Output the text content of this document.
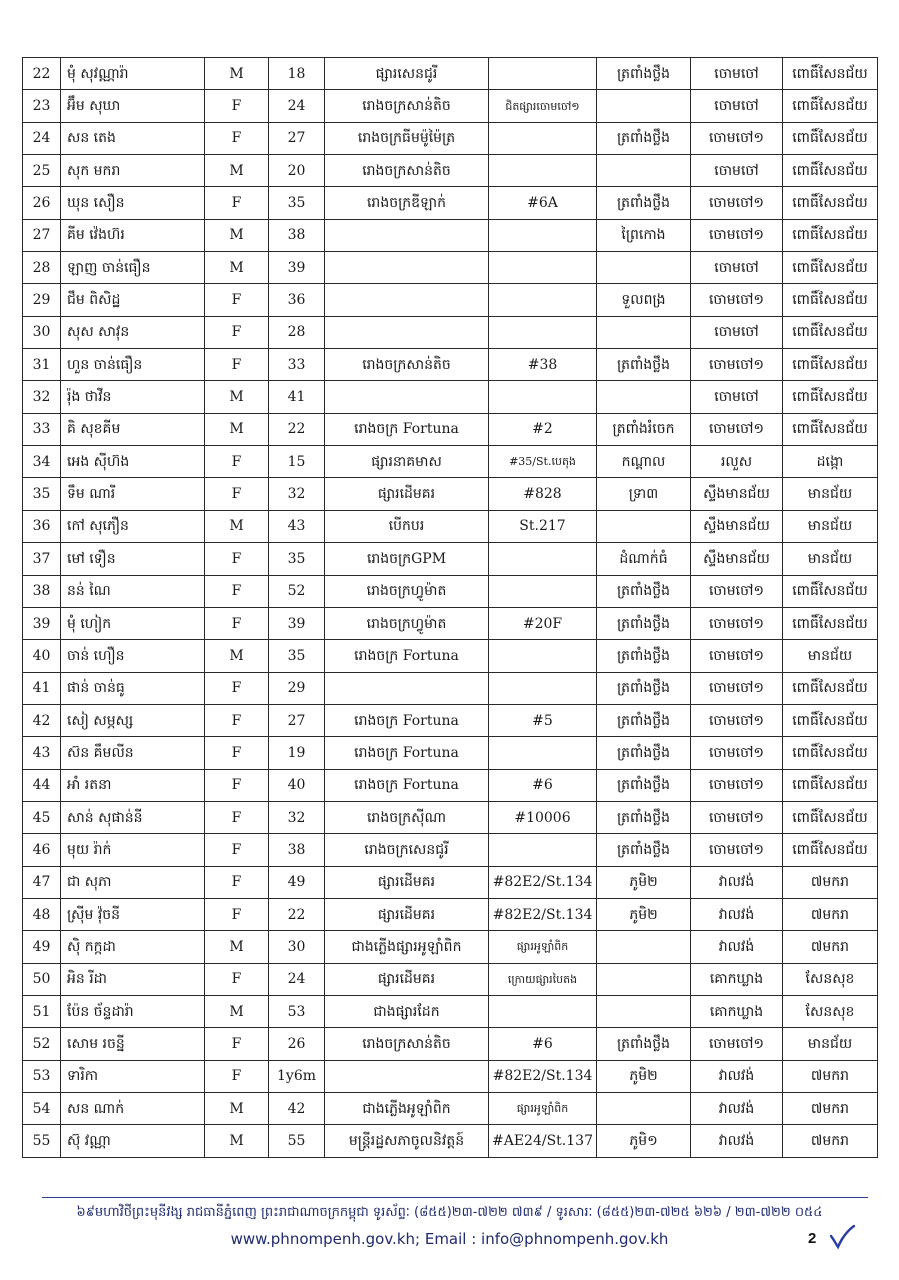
22	មុំ សុវណ្ណារ៉ា	M	18	ផ្សារសេនជូរី		ត្រពាំងថ្លឹង	ចោមចៅ	ពោធិ៍សែនជ័យ
23	អ៊ឹម សុឃា	F	24	រោងចក្រសាន់តិច	ជិតផ្សារចោមចៅ១		ចោមចៅ	ពោធិ៍សែនជ័យ
24	សន តេង	F	27	រោងចក្រធីមម៉ូម៉ៃត្រ		ត្រពាំងថ្លឹង	ចោមចៅ១	ពោធិ៍សែនជ័យ
25	សុក មករា	M	20	រោងចក្រសាន់តិច			ចោមចៅ	ពោធិ៍សែនជ័យ
26	ឃុន សឿន	F	35	រោងចក្រឌីឡាក់	#6A	ត្រពាំងថ្លឹង	ចោមចៅ១	ពោធិ៍សែនជ័យ
27	គីម វ៉េងហ៊រ	M	38			ព្រៃកោង	ចោមចៅ១	ពោធិ៍សែនជ័យ
28	ឡាញ ចាន់ធឿន	M	39				ចោមចៅ	ពោធិ៍សែនជ័យ
29	ជឹម ពិសិដ្ឋ	F	36			ទួលពង្រ	ចោមចៅ១	ពោធិ៍សែនជ័យ
30	សុស សាវុន	F	28				ចោមចៅ	ពោធិ៍សែនជ័យ
31	ហួន ចាន់ធឿន	F	33	រោងចក្រសាន់តិច	#38	ត្រពាំងថ្លឹង	ចោមចៅ១	ពោធិ៍សែនជ័យ
32	រ៉ុង ថាវីន	M	41				ចោមចៅ	ពោធិ៍សែនជ័យ
33	គិ សុខគីម	M	22	រោងចក្រ Fortuna	#2	ត្រពាំងរំចេក	ចោមចៅ១	ពោធិ៍សែនជ័យ
34	អេង ស៊ីហ៊ង	F	15	ផ្សារនាគមាស	#35/St.បេតុង	កណ្ដាល	រលួស	ដង្កោ
35	ទឹម ណារី	F	32	ផ្សារដើមគរ	#828	ទ្រា៣	ស្ទឹងមានជ័យ	មានជ័យ
36	កៅ សុភឿន	M	43	បើកបរ	St.217		ស្ទឹងមានជ័យ	មានជ័យ
37	មៅ ទឿន	F	35	រោងចក្រGPM		ដំណាក់ធំ	ស្ទឹងមានជ័យ	មានជ័យ
38	នន់ ណៃ	F	52	រោងចក្រហ្វូម៉ាត		ត្រពាំងថ្លឹង	ចោមចៅ១	ពោធិ៍សែនជ័យ
39	មុំ ហៀក	F	39	រោងចក្រហ្វូម៉ាត	#20F	ត្រពាំងថ្លឹង	ចោមចៅ១	ពោធិ៍សែនជ័យ
40	ចាន់ ហឿន	M	35	រោងចក្រ Fortuna		ត្រពាំងថ្លឹង	ចោមចៅ១	មានជ័យ
41	ផាន់ ចាន់ធូ	F	29			ត្រពាំងថ្លឹង	ចោមចៅ១	ពោធិ៍សែនជ័យ
42	សៀ សម្ភស្ស	F	27	រោងចក្រ Fortuna	#5	ត្រពាំងថ្លឹង	ចោមចៅ១	ពោធិ៍សែនជ័យ
43	ស៊ន គឹមលីន	F	19	រោងចក្រ Fortuna		ត្រពាំងថ្លឹង	ចោមចៅ១	ពោធិ៍សែនជ័យ
44	អាំ រតនា	F	40	រោងចក្រ Fortuna	#6	ត្រពាំងថ្លឹង	ចោមចៅ១	ពោធិ៍សែនជ័យ
45	សាន់ សុផាន់នី	F	32	រោងចក្រស៊ីណា	#10006	ត្រពាំងថ្លឹង	ចោមចៅ១	ពោធិ៍សែនជ័យ
46	មុយ រ៉ាក់	F	38	រោងចក្រសេនជូរី		ត្រពាំងថ្លឹង	ចោមចៅ១	ពោធិ៍សែនជ័យ
47	ជា សុភា	F	49	ផ្សារដើមគរ	#82E2/St.134	ភូមិ២	វាលវង់	៧មករា
48	ស្រ៊ីម វ៉ុចនី	F	22	ផ្សារដើមគរ	#82E2/St.134	ភូមិ២	វាលវង់	៧មករា
49	ស៊ិ កក្កដា	M	30	ជាងភ្លើងផ្សារអូឡាំពិក	ផ្សារអូឡាំពិក		វាលវង់	៧មករា
50	អិន រីដា	F	24	ផ្សារដើមគរ	ក្រោយផ្សារបៃតង		គោកឃ្លាង	សែនសុខ
51	ប៉ែន ច័ន្ទដារ៉ា	M	53	ជាងផ្សារដែក			គោកឃ្លាង	សែនសុខ
52	សោម រចន្នី	F	26	រោងចក្រសាន់តិច	#6	ត្រពាំងថ្លឹង	ចោមចៅ១	មានជ័យ
53	ទារិកា	F	1y6m		#82E2/St.134	ភូមិ២	វាលវង់	៧មករា
54	សន ណាក់	M	42	ជាងភ្លើងអូឡាំពិក	ផ្សារអូឡាំពិក		វាលវង់	៧មករា
55	ស៊ុ វណ្ណា	M	55	មន្ត្រីរដ្ឋសភាចូលនិវត្តន៍	#AE24/St.137	ភូមិ១	វាលវង់	៧មករា
៦៩មហាវិថីព្រះមុនីវង្ស រាជធានីភ្នំពេញ ព្រះរាជាណាចក្រកម្ពុជា ទូរស័ព្ទៈ (៨៥៥)២៣-៧២២ ៧៣៩ / ទូរសារៈ (៨៥៥)២៣-៧២៥ ៦២៦ / ២៣-៧២២ ០៥៤
www.phnompenh.gov.kh; Email : info@phnompenh.gov.kh	2
